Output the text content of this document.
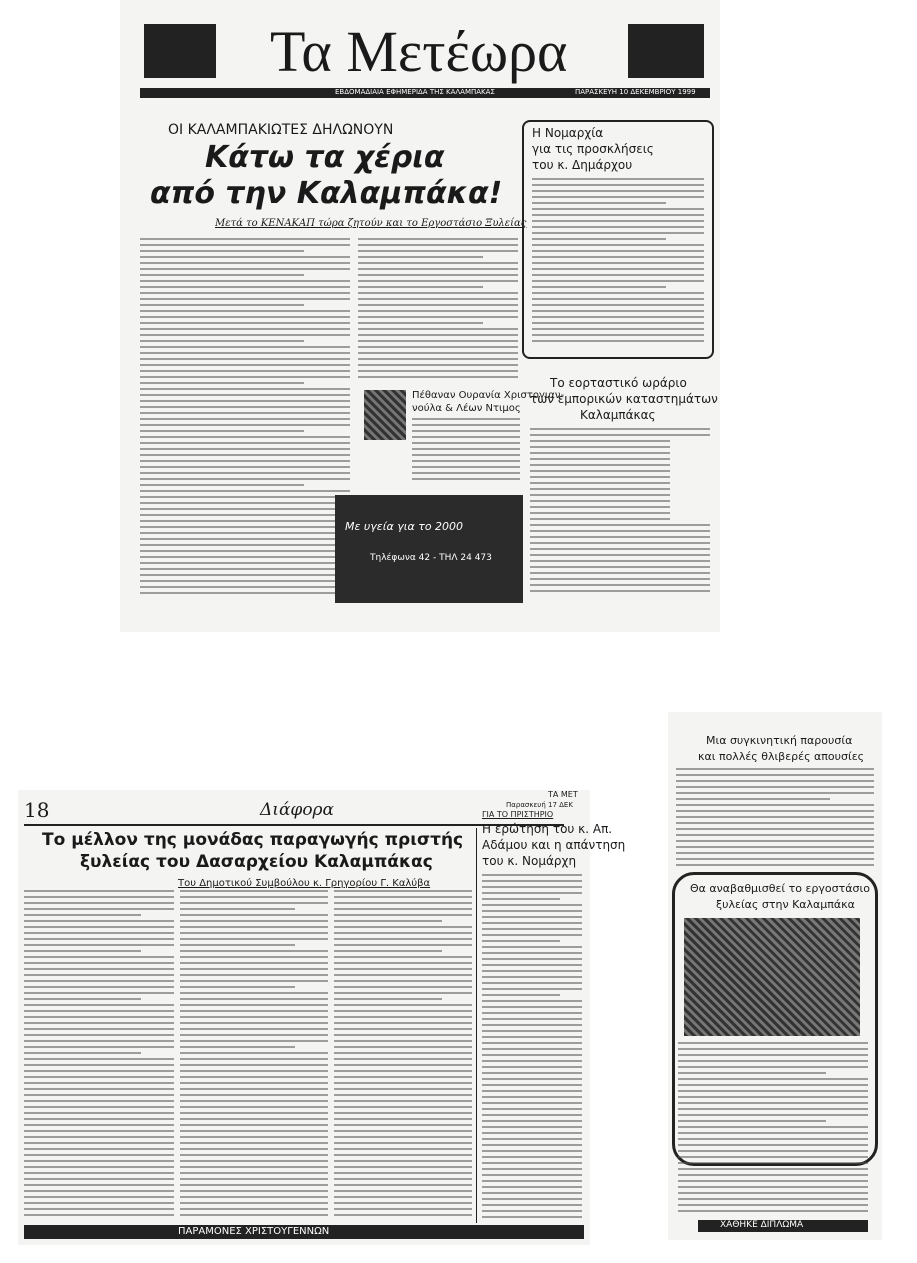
Τα Μετέωρα
ΕΒΔΟΜΑΔΙΑΙΑ ΕΦΗΜΕΡΙΔΑ ΤΗΣ ΚΑΛΑΜΠΑΚΑΣ	ΠΑΡΑΣΚΕΥΗ 10 ΔΕΚΕΜΒΡΙΟΥ 1999
ΟΙ ΚΑΛΑΜΠΑΚΙΩΤΕΣ ΔΗΛΩΝΟΥΝ
Κάτω τα χέρια
από την Καλαμπάκα!
Μετά το ΚΕΝΑΚΑΠ τώρα ζητούν και το Εργοστάσιο Ξυλείας
Πέθαναν Ουρανία Χριστογιαν-
νούλα & Λέων Ντιμος
Με υγεία για το 2000
Τηλέφωνα 42 - ΤΗΛ 24 473
Η Νομαρχία
για τις προσκλήσεις
του κ. Δημάρχου
Το εορταστικό ωράριο
των εμπορικών καταστημάτων
Καλαμπάκας
18	Διάφορα
ΤΑ ΜΕΤ
Παρασκευή 17 ΔΕΚ
Το μέλλον της μονάδας παραγωγής πριστής
ξυλείας του Δασαρχείου Καλαμπάκας
Του Δημοτικού Συμβούλου κ. Γρηγορίου Γ. Καλύβα
ΓΙΑ ΤΟ ΠΡΙΣΤΗΡΙΟ
Η ερώτηση του κ. Απ.
Αδάμου και η απάντηση
του κ. Νομάρχη
ΠΑΡΑΜΟΝΕΣ ΧΡΙΣΤΟΥΓΕΝΝΩΝ
Μια συγκινητική παρουσία
και πολλές θλιβερές απουσίες
Θα αναβαθμισθεί το εργοστάσιο
ξυλείας στην Καλαμπάκα
ΧΑΘΗΚΕ ΔΙΠΛΩΜΑ
